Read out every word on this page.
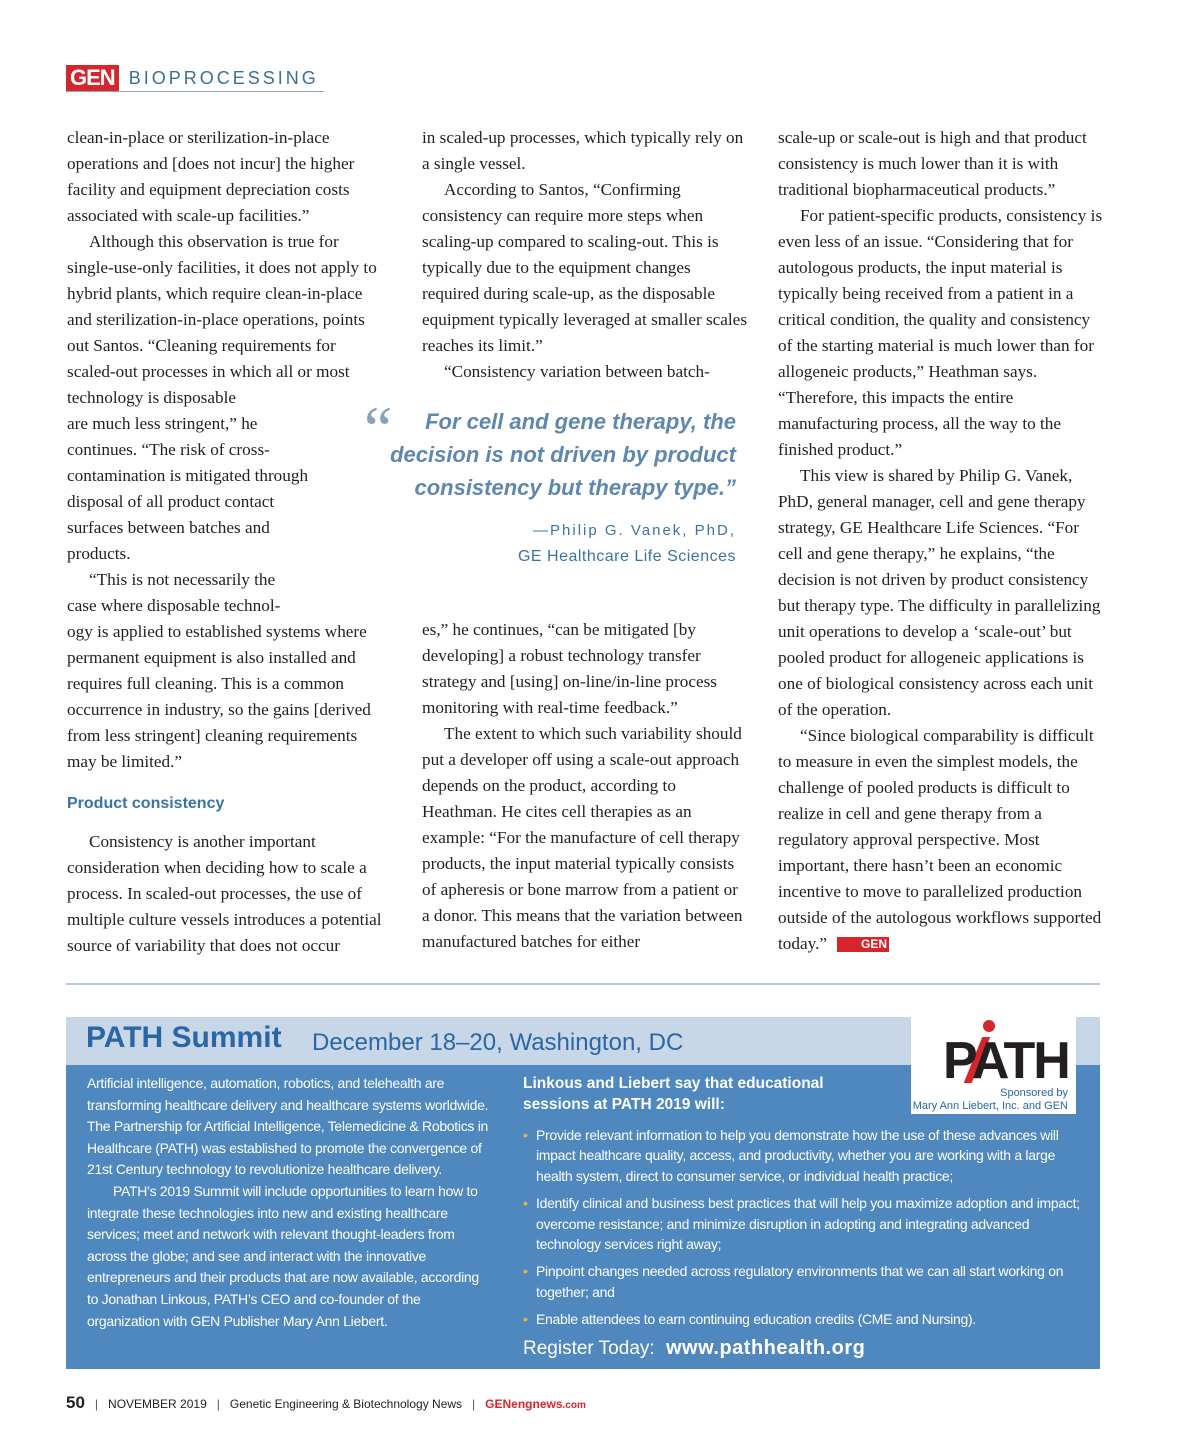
GEN BIOPROCESSING

clean-in-place or sterilization-in-place operations and [does not incur] the higher facility and equipment depreciation costs associated with scale-up facilities.”

Although this observation is true for single-use-only facilities, it does not apply to hybrid plants, which require clean-in-place and sterilization-in-place operations, points out Santos. “Cleaning requirements for scaled-out processes in which all or most technology is disposable

are much less stringent,” he continues. “The risk of cross-contamination is mitigated through disposal of all product contact surfaces between batches and products.

“This is not necessarily the case where disposable technol-

ogy is applied to established systems where permanent equipment is also installed and requires full cleaning. This is a common occurrence in industry, so the gains [derived from less stringent] cleaning requirements may be limited.”

Product consistency

Consistency is another important consideration when deciding how to scale a process. In scaled-out processes, the use of multiple culture vessels introduces a potential source of variability that does not occur

in scaled-up processes, which typically rely on a single vessel.

According to Santos, “Confirming consistency can require more steps when scaling-up compared to scaling-out. This is typically due to the equipment changes required during scale-up, as the disposable equipment typically leveraged at smaller scales reaches its limit.”

“Consistency variation between batch-

es,” he continues, “can be mitigated [by developing] a robust technology transfer strategy and [using] on-line/in-line process monitoring with real-time feedback.”

The extent to which such variability should put a developer off using a scale-out approach depends on the product, according to Heathman. He cites cell therapies as an example: “For the manufacture of cell therapy products, the input material typically consists of apheresis or bone marrow from a patient or a donor. This means that the variation between manufactured batches for either

“	For cell and gene therapy, the decision is not driven by product consistency but therapy type.”
—Philip G. Vanek, PhD,
GE Healthcare Life Sciences

scale-up or scale-out is high and that product consistency is much lower than it is with traditional biopharmaceutical products.”

For patient-specific products, consistency is even less of an issue. “Considering that for autologous products, the input material is typically being received from a patient in a critical condition, the quality and consistency of the starting material is much lower than for allogeneic products,” Heathman says. “Therefore, this impacts the entire manufacturing process, all the way to the finished product.”

This view is shared by Philip G. Vanek, PhD, general manager, cell and gene therapy strategy, GE Healthcare Life Sciences. “For cell and gene therapy,” he explains, “the decision is not driven by product consistency but therapy type. The difficulty in parallelizing unit operations to develop a ‘scale-out’ but pooled product for allogeneic applications is one of biological consistency across each unit of the operation.

“Since biological comparability is difficult to measure in even the simplest models, the challenge of pooled products is difficult to realize in cell and gene therapy from a regulatory approval perspective. Most important, there hasn’t been an economic incentive to move to parallelized production outside of the autologous workflows supported today.”	GEN

PATH Summit December 18–20, Washington, DC	PATH
Sponsored by
Mary Ann Liebert, Inc. and GEN

Artificial intelligence, automation, robotics, and telehealth are transforming healthcare delivery and healthcare systems worldwide. The Partnership for Artificial Intelligence, Telemedicine & Robotics in Healthcare (PATH) was established to promote the convergence of 21st Century technology to revolutionize healthcare delivery.

PATH’s 2019 Summit will include opportunities to learn how to integrate these technologies into new and existing healthcare services; meet and network with relevant thought-leaders from across the globe; and see and interact with the innovative entrepreneurs and their products that are now available, according to Jonathan Linkous, PATH’s CEO and co-founder of the organization with GEN Publisher Mary Ann Liebert.

Linkous and Liebert say that educational sessions at PATH 2019 will:
• Provide relevant information to help you demonstrate how the use of these advances will impact healthcare quality, access, and productivity, whether you are working with a large health system, direct to consumer service, or individual health practice;
• Identify clinical and business best practices that will help you maximize adoption and impact; overcome resistance; and minimize disruption in adopting and integrating advanced technology services right away;
• Pinpoint changes needed across regulatory environments that we can all start working on together; and
• Enable attendees to earn continuing education credits (CME and Nursing).
Register Today: www.pathhealth.org
50 | NOVEMBER 2019 | Genetic Engineering & Biotechnology News | GENengnews .com
